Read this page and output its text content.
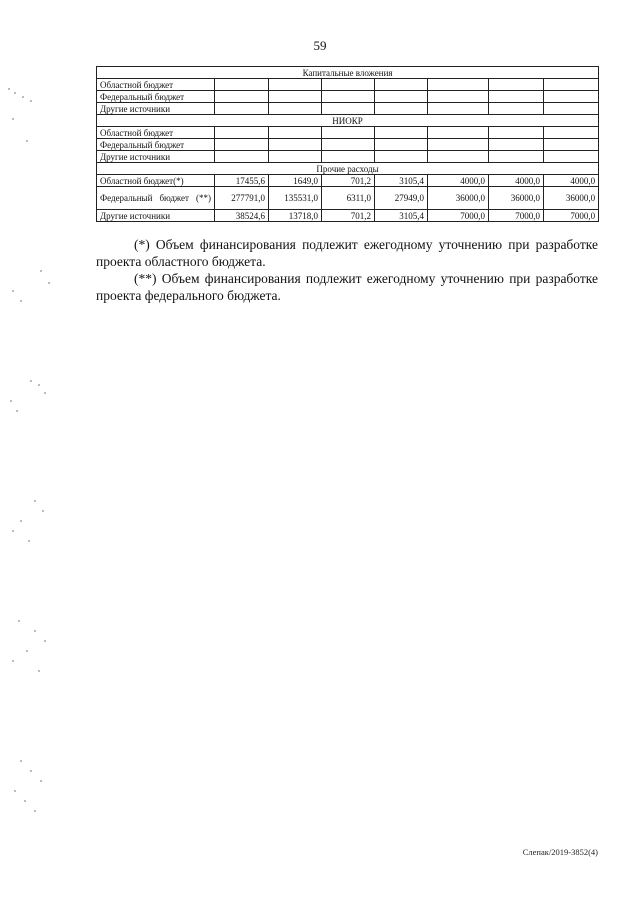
59
Капитальные вложения							
Областной бюджет							
Федеральный бюджет							
Другие источники							
НИОКР							
Областной бюджет							
Федеральный бюджет							
Другие источники							
Прочие расходы							
Областной бюджет(*)	17455,6	1649,0	701,2	3105,4	4000,0	4000,0	4000,0
Федеральный бюджет (**)	277791,0	135531,0	6311,0	27949,0	36000,0	36000,0	36000,0
Другие источники	38524,6	13718,0	701,2	3105,4	7000,0	7000,0	7000,0

(*) Объем финансирования подлежит ежегодному уточнению при разработке проекта областного бюджета.

(**) Объем финансирования подлежит ежегодному уточнению при разработке проекта федерального бюджета.

Слепак/2019-3852(4)
